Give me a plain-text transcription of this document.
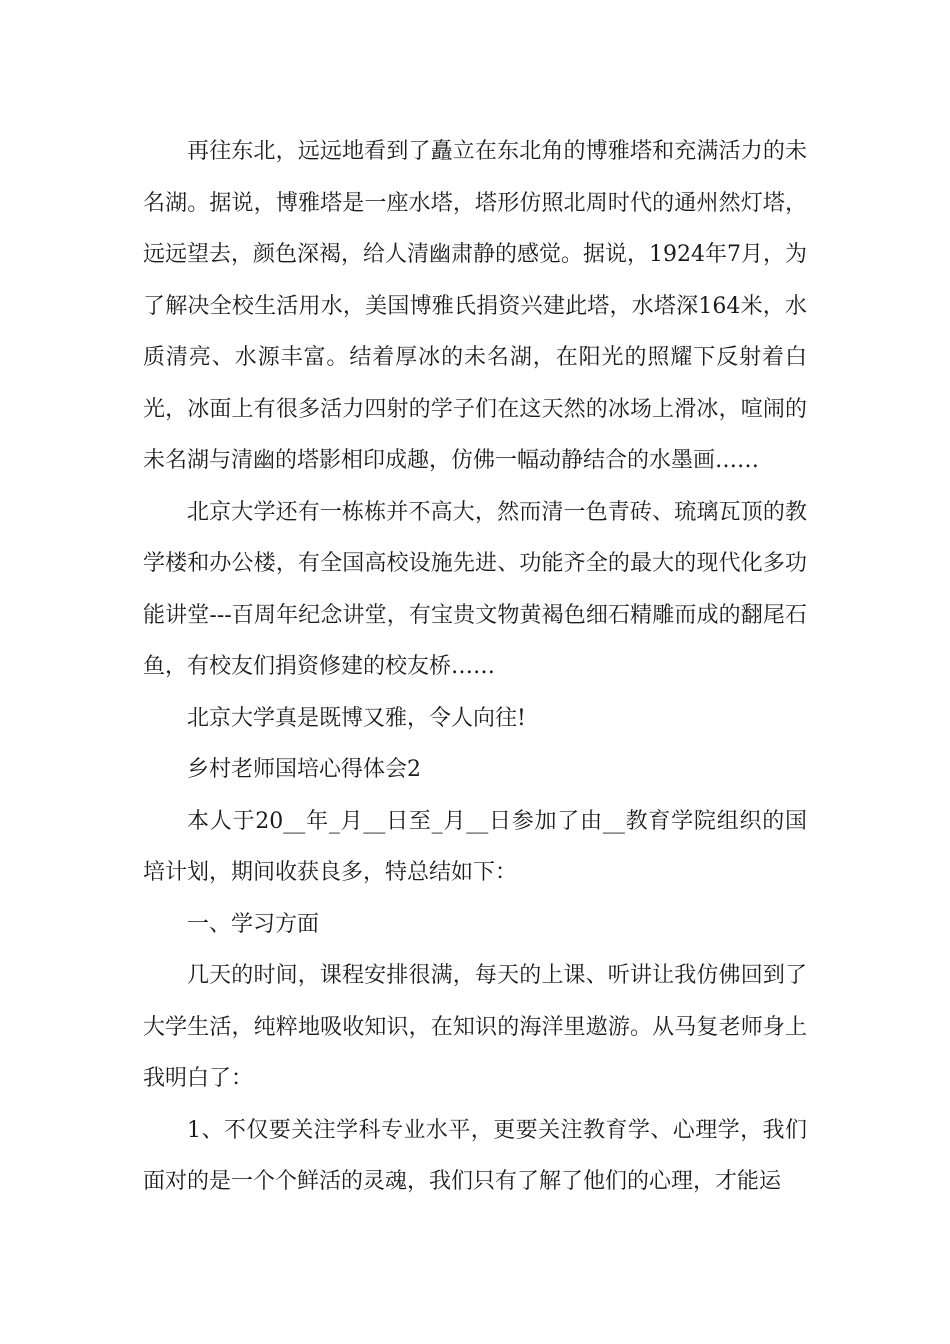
再往东北，远远地看到了矗立在东北角的博雅塔和充满活力的未名湖。据说，博雅塔是一座水塔，塔形仿照北周时代的通州然灯塔，远远望去，颜色深褐，给人清幽肃静的感觉。据说，1924年7月，为了解决全校生活用水，美国博雅氏捐资兴建此塔，水塔深164米，水质清亮、水源丰富。结着厚冰的未名湖，在阳光的照耀下反射着白光，冰面上有很多活力四射的学子们在这天然的冰场上滑冰，喧闹的未名湖与清幽的塔影相印成趣，仿佛一幅动静结合的水墨画……

北京大学还有一栋栋并不高大，然而清一色青砖、琉璃瓦顶的教学楼和办公楼，有全国高校设施先进、功能齐全的最大的现代化多功能讲堂---百周年纪念讲堂，有宝贵文物黄褐色细石精雕而成的翻尾石鱼，有校友们捐资修建的校友桥……

北京大学真是既博又雅，令人向往!

乡村老师国培心得体会2

本人于20__年_月__日至_月__日参加了由__教育学院组织的国培计划，期间收获良多，特总结如下：

一、学习方面

几天的时间，课程安排很满，每天的上课、听讲让我仿佛回到了大学生活，纯粹地吸收知识，在知识的海洋里遨游。从马复老师身上我明白了：

1、不仅要关注学科专业水平，更要关注教育学、心理学，我们面对的是一个个鲜活的灵魂，我们只有了解了他们的心理，才能运
